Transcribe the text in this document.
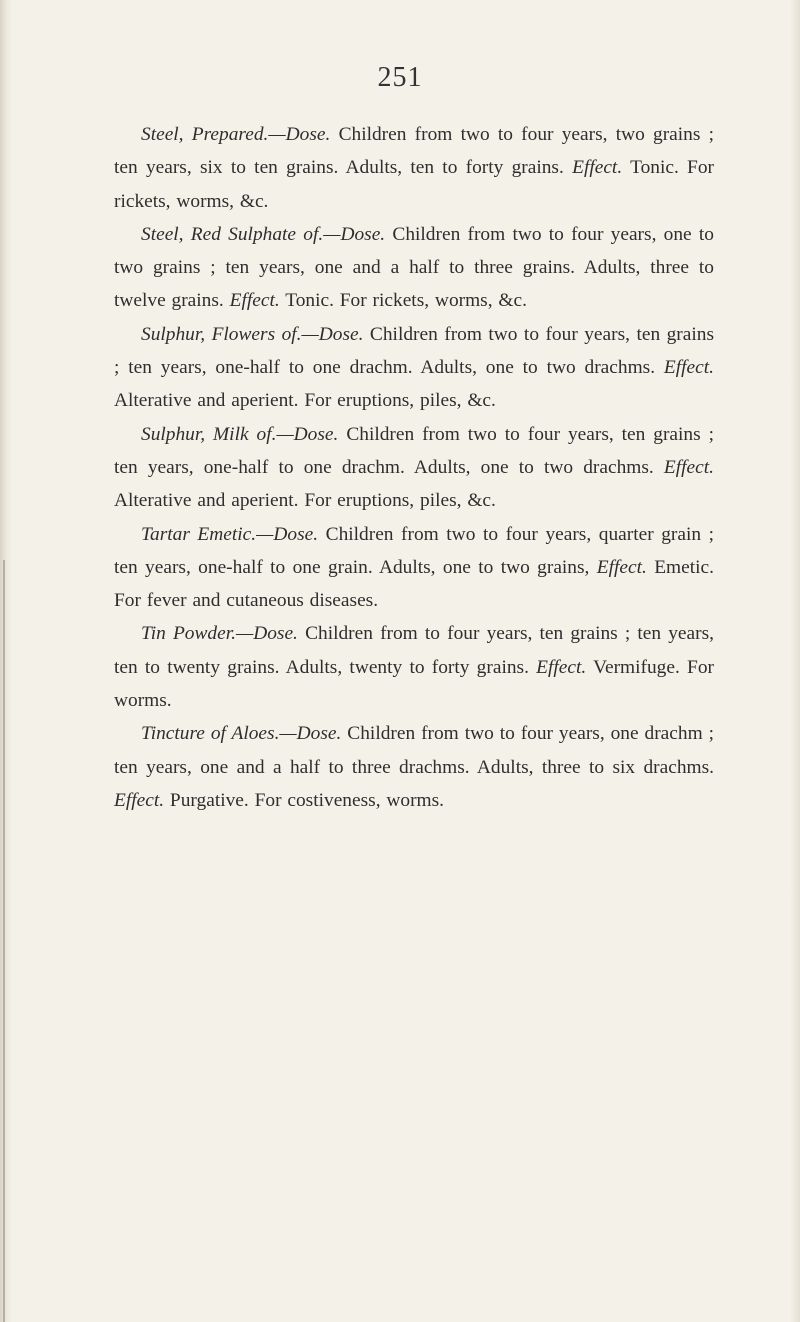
251

Steel, Prepared.—Dose. Children from two to four years, two grains ; ten years, six to ten grains. Adults, ten to forty grains. Effect. Tonic. For rickets, worms, &c.

Steel, Red Sulphate of.—Dose. Children from two to four years, one to two grains ; ten years, one and a half to three grains. Adults, three to twelve grains. Effect. Tonic. For rickets, worms, &c.

Sulphur, Flowers of.—Dose. Children from two to four years, ten grains ; ten years, one-half to one drachm. Adults, one to two drachms. Effect. Alterative and aperient. For eruptions, piles, &c.

Sulphur, Milk of.—Dose. Children from two to four years, ten grains ; ten years, one-half to one drachm. Adults, one to two drachms. Effect. Alterative and aperient. For eruptions, piles, &c.

Tartar Emetic.—Dose. Children from two to four years, quarter grain ; ten years, one-half to one grain. Adults, one to two grains, Effect. Emetic. For fever and cutaneous diseases.

Tin Powder.—Dose. Children from to four years, ten grains ; ten years, ten to twenty grains. Adults, twenty to forty grains. Effect. Vermifuge. For worms.

Tincture of Aloes.—Dose. Children from two to four years, one drachm ; ten years, one and a half to three drachms. Adults, three to six drachms. Effect. Purgative. For costiveness, worms.
